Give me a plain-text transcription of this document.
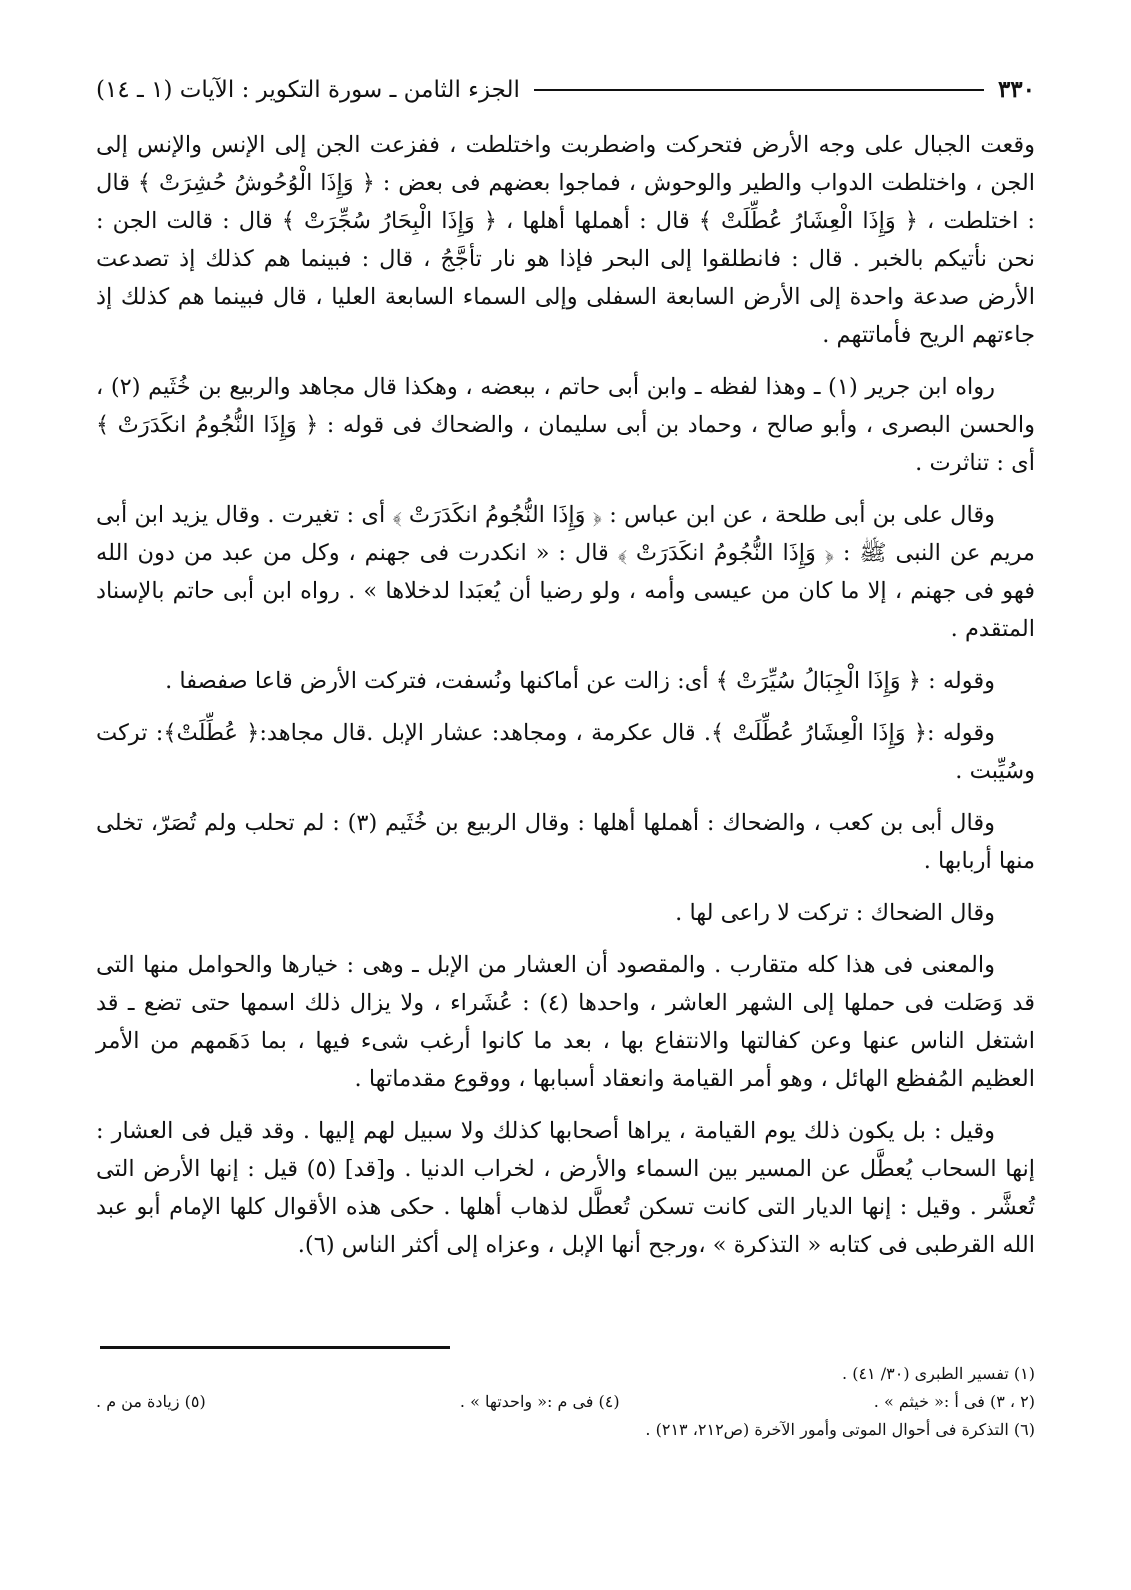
٣٣٠
الجزء الثامن ـ سورة التكوير : الآيات (١ ـ ١٤)

وقعت الجبال على وجه الأرض فتحركت واضطربت واختلطت ، ففزعت الجن إلى الإنس والإنس إلى الجن ، واختلطت الدواب والطير والوحوش ، فماجوا بعضهم فى بعض : ﴿ وَإِذَا الْوُحُوشُ حُشِرَتْ ﴾ قال : اختلطت ، ﴿ وَإِذَا الْعِشَارُ عُطِّلَتْ ﴾ قال : أهملها أهلها ، ﴿ وَإِذَا الْبِحَارُ سُجِّرَتْ ﴾ قال : قالت الجن : نحن نأتيكم بالخبر . قال : فانطلقوا إلى البحر فإذا هو نار تأجَّجُ ، قال : فبينما هم كذلك إذ تصدعت الأرض صدعة واحدة إلى الأرض السابعة السفلى وإلى السماء السابعة العليا ، قال فبينما هم كذلك إذ جاءتهم الريح فأماتتهم .

رواه ابن جرير (١) ـ وهذا لفظه ـ وابن أبى حاتم ، ببعضه ، وهكذا قال مجاهد والربيع بن خُثَيم (٢) ، والحسن البصرى ، وأبو صالح ، وحماد بن أبى سليمان ، والضحاك فى قوله : ﴿ وَإِذَا النُّجُومُ انكَدَرَتْ ﴾ أى : تناثرت .

وقال على بن أبى طلحة ، عن ابن عباس : ﴿ وَإِذَا النُّجُومُ انكَدَرَتْ ﴾ أى : تغيرت . وقال يزيد ابن أبى مريم عن النبى ﷺ : ﴿ وَإِذَا النُّجُومُ انكَدَرَتْ ﴾ قال : « انكدرت فى جهنم ، وكل من عبد من دون الله فهو فى جهنم ، إلا ما كان من عيسى وأمه ، ولو رضيا أن يُعبَدا لدخلاها » . رواه ابن أبى حاتم بالإسناد المتقدم .

وقوله : ﴿ وَإِذَا الْجِبَالُ سُيِّرَتْ ﴾ أى: زالت عن أماكنها ونُسفت، فتركت الأرض قاعا صفصفا .

وقوله :﴿ وَإِذَا الْعِشَارُ عُطِّلَتْ ﴾. قال عكرمة ، ومجاهد: عشار الإبل .قال مجاهد:﴿ عُطِّلَتْ﴾: تركت وسُيِّبت .

وقال أبى بن كعب ، والضحاك : أهملها أهلها : وقال الربيع بن خُثَيم (٣) : لم تحلب ولم تُصَرّ، تخلى منها أربابها .

وقال الضحاك : تركت لا راعى لها .

والمعنى فى هذا كله متقارب . والمقصود أن العشار من الإبل ـ وهى : خيارها والحوامل منها التى قد وَصَلت فى حملها إلى الشهر العاشر ، واحدها (٤) : عُشَراء ، ولا يزال ذلك اسمها حتى تضع ـ قد اشتغل الناس عنها وعن كفالتها والانتفاع بها ، بعد ما كانوا أرغب شىء فيها ، بما دَهَمهم من الأمر العظيم المُفظع الهائل ، وهو أمر القيامة وانعقاد أسبابها ، ووقوع مقدماتها .

وقيل : بل يكون ذلك يوم القيامة ، يراها أصحابها كذلك ولا سبيل لهم إليها . وقد قيل فى العشار : إنها السحاب يُعطَّل عن المسير بين السماء والأرض ، لخراب الدنيا . و[قد] (٥) قيل : إنها الأرض التى تُعشَّر . وقيل : إنها الديار التى كانت تسكن تُعطَّل لذهاب أهلها . حكى هذه الأقوال كلها الإمام أبو عبد الله القرطبى فى كتابه « التذكرة » ،ورجح أنها الإبل ، وعزاه إلى أكثر الناس (٦).

(١) تفسير الطبرى (٣٠/ ٤١) .
(٢ ، ٣) فى أ :« خيثم » .
(٤) فى م :« واحدتها » .
(٥) زيادة من م .
(٦) التذكرة فى أحوال الموتى وأمور الآخرة (ص٢١٢، ٢١٣) .
